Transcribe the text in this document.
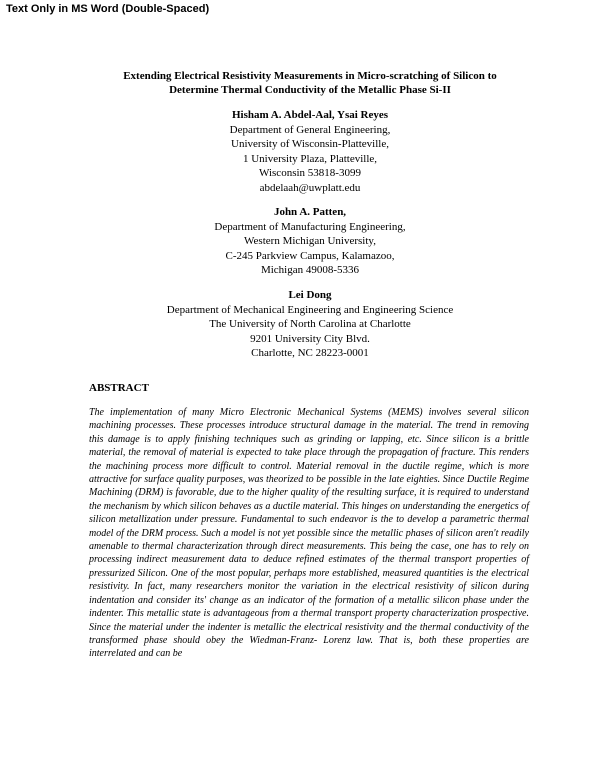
Text Only in MS Word (Double-Spaced)
Extending Electrical Resistivity Measurements in Micro-scratching of Silicon to
Determine Thermal Conductivity of the Metallic Phase Si-II
Hisham A. Abdel-Aal, Ysai Reyes
Department of General Engineering,
University of Wisconsin-Platteville,
1 University Plaza, Platteville,
Wisconsin 53818-3099
abdelaah@uwplatt.edu
John A. Patten,
Department of Manufacturing Engineering,
Western Michigan University,
C-245 Parkview Campus, Kalamazoo,
Michigan 49008-5336
Lei Dong
Department of Mechanical Engineering and Engineering Science
The University of North Carolina at Charlotte
9201 University City Blvd.
Charlotte, NC 28223-0001
ABSTRACT
The implementation of many Micro Electronic Mechanical Systems (MEMS) involves several silicon machining processes. These processes introduce structural damage in the material. The trend in removing this damage is to apply finishing techniques such as grinding or lapping, etc. Since silicon is a brittle material, the removal of material is expected to take place through the propagation of fracture. This renders the machining process more difficult to control. Material removal in the ductile regime, which is more attractive for surface quality purposes, was theorized to be possible in the late eighties. Since Ductile Regime Machining (DRM) is favorable, due to the higher quality of the resulting surface, it is required to understand the mechanism by which silicon behaves as a ductile material. This hinges on understanding the energetics of silicon metallization under pressure. Fundamental to such endeavor is the to develop a parametric thermal model of the DRM process. Such a model is not yet possible since the metallic phases of silicon aren't readily amenable to thermal characterization through direct measurements. This being the case, one has to rely on processing indirect measurement data to deduce refined estimates of the thermal transport properties of pressurized Silicon. One of the most popular, perhaps more established, measured quantities is the electrical resistivity. In fact, many researchers monitor the variation in the electrical resistivity of silicon during indentation and consider its' change as an indicator of the formation of a metallic silicon phase under the indenter. This metallic state is advantageous from a thermal transport property characterization prospective. Since the material under the indenter is metallic the electrical resistivity and the thermal conductivity of the transformed phase should obey the Wiedman-Franz- Lorenz law. That is, both these properties are interrelated and can be
